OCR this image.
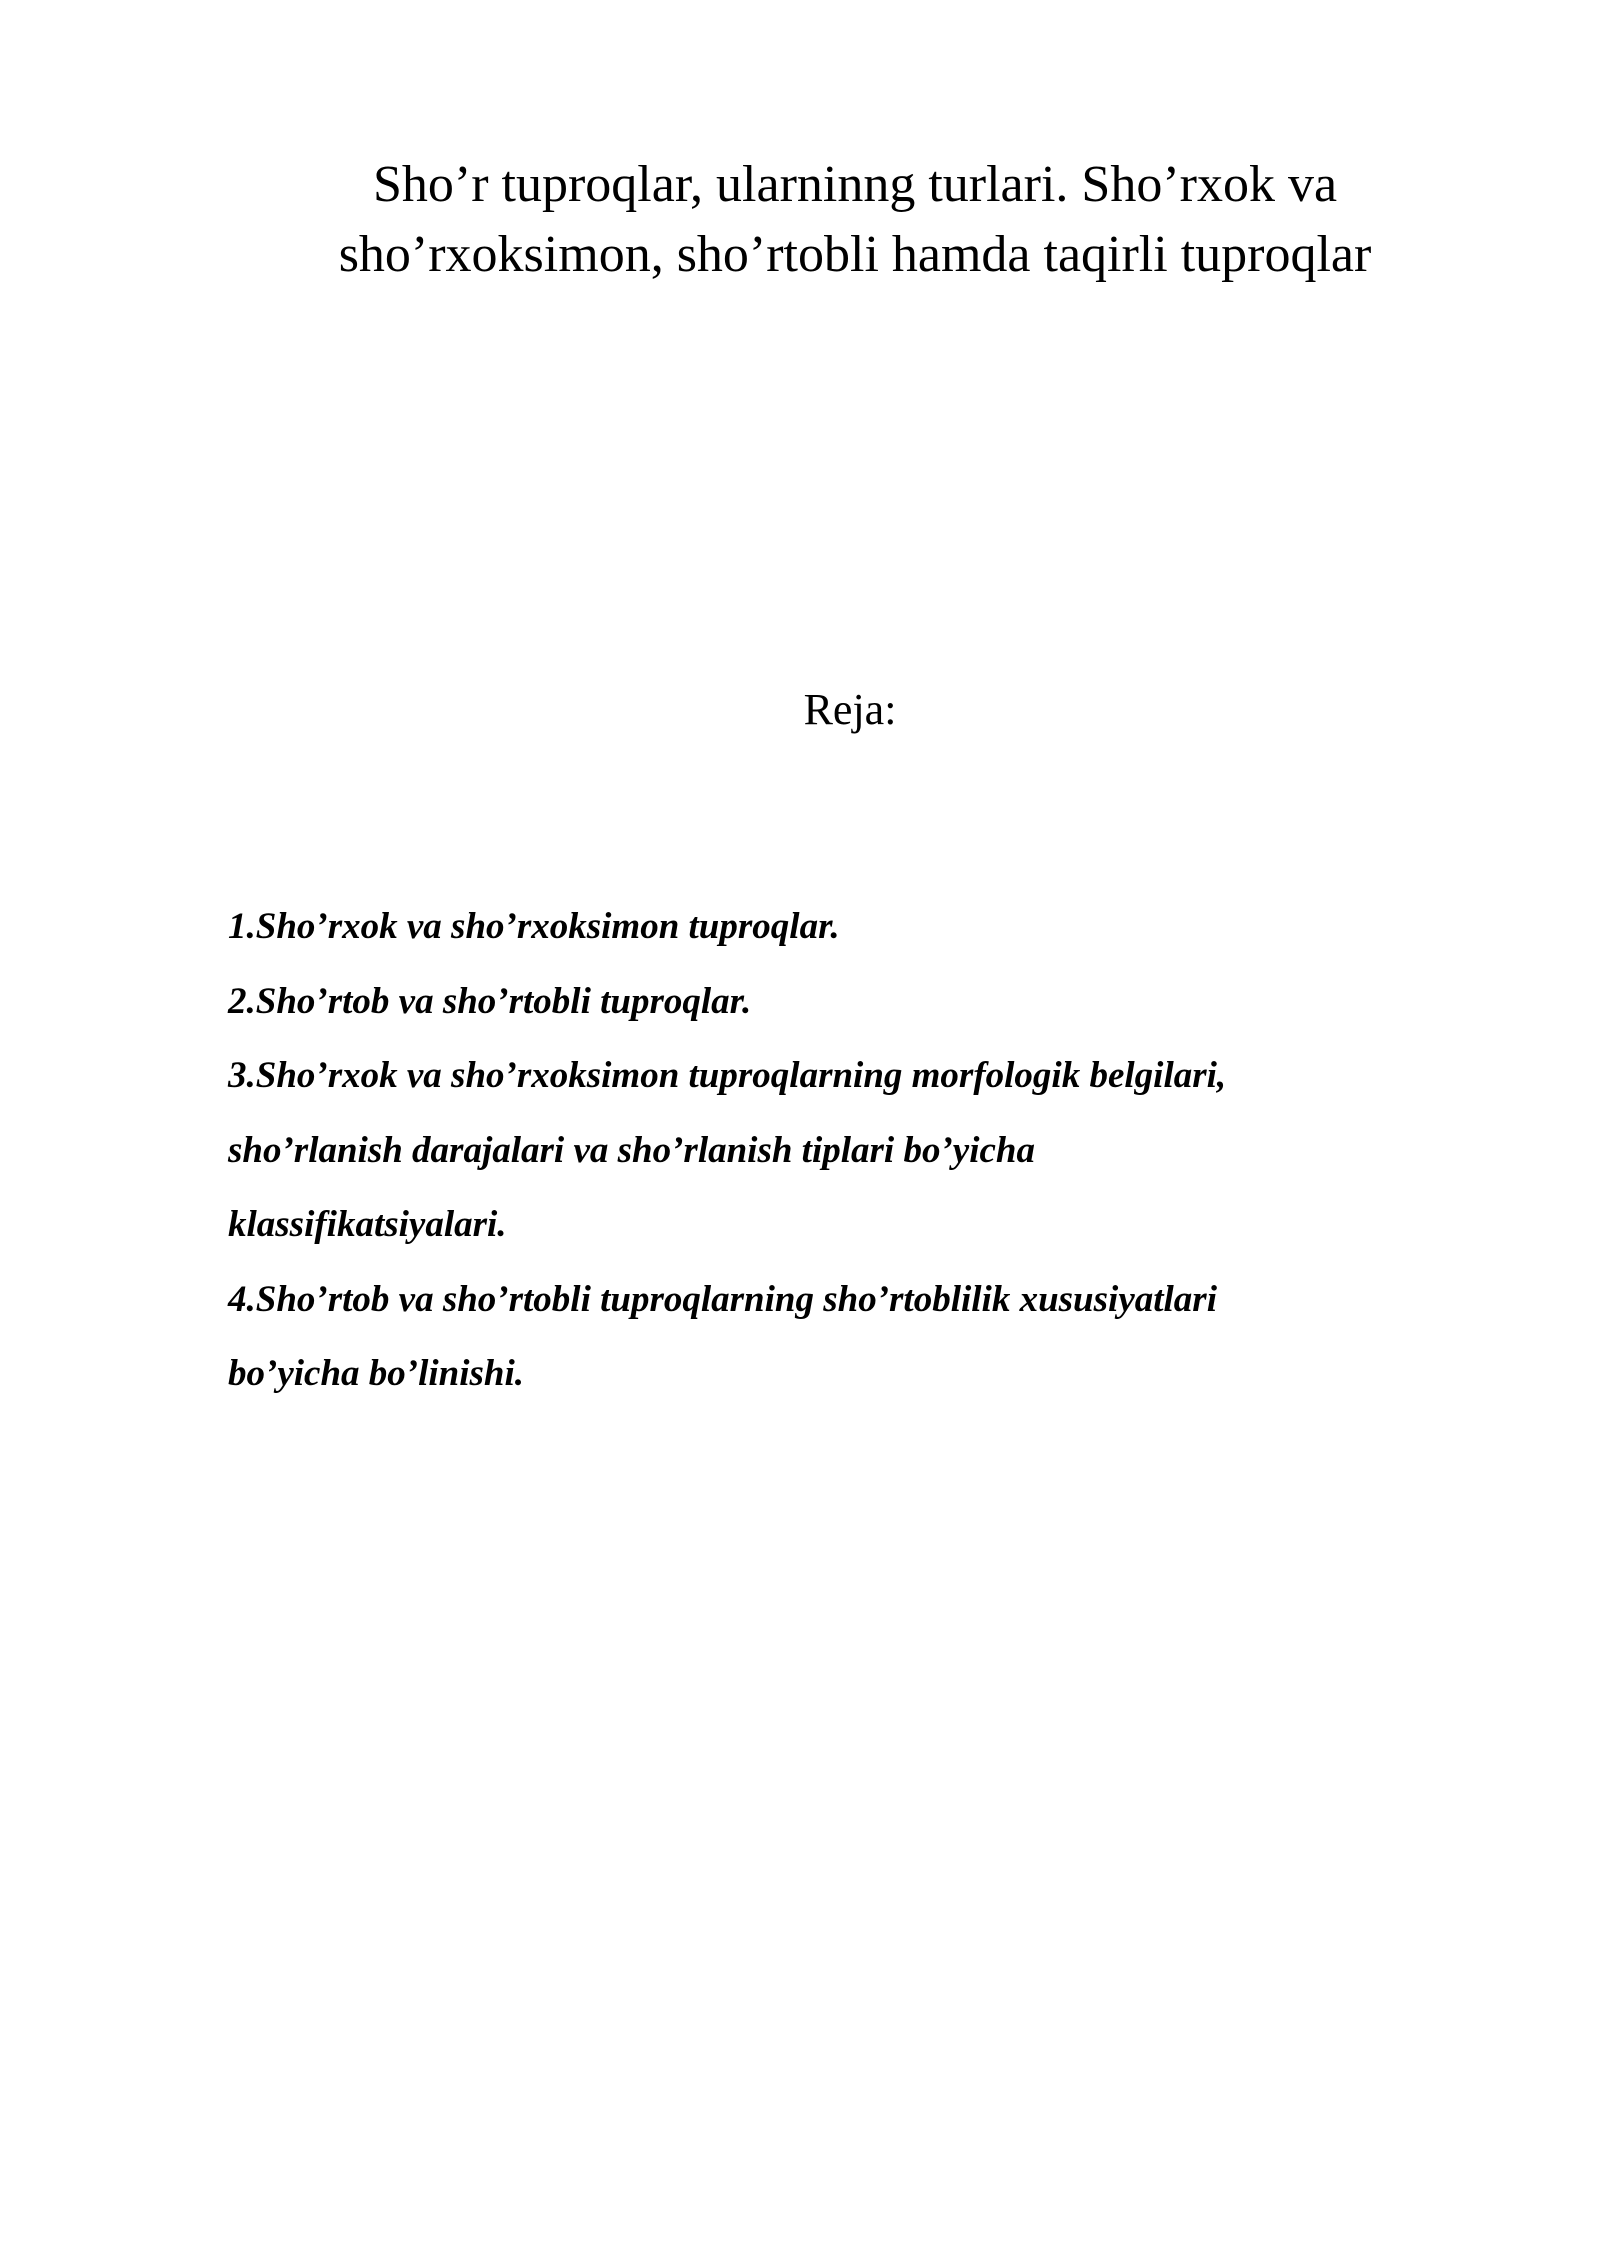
Sho’r tuproqlar, ularninng turlari. Sho’rxok va
sho’rxoksimon, sho’rtobli hamda taqirli tuproqlar
Reja:
1.Sho’rxok va sho’rxoksimon tuproqlar.
2.Sho’rtob va sho’rtobli tuproqlar.
3.Sho’rxok va sho’rxoksimon tuproqlarning morfologik belgilari,
sho’rlanish darajalari va sho’rlanish tiplari bo’yicha
klassifikatsiyalari.
4.Sho’rtob va sho’rtobli tuproqlarning sho’rtoblilik xususiyatlari
bo’yicha bo’linishi.
